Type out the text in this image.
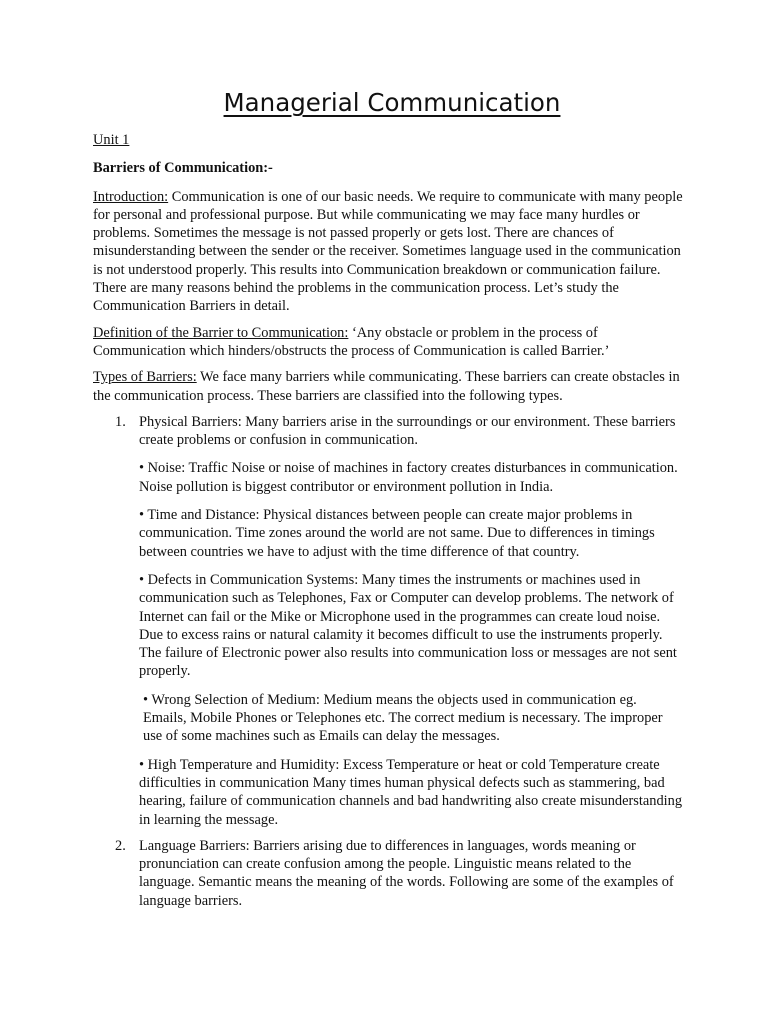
Managerial Communication

Unit 1

Barriers of Communication:-

Introduction: Communication is one of our basic needs. We require to communicate with many people for personal and professional purpose. But while communicating we may face many hurdles or problems. Sometimes the message is not passed properly or gets lost. There are chances of misunderstanding between the sender or the receiver. Sometimes language used in the communication is not understood properly. This results into Communication breakdown or communication failure. There are many reasons behind the problems in the communication process. Let’s study the Communication Barriers in detail.

Definition of the Barrier to Communication: ‘Any obstacle or problem in the process of Communication which hinders/obstructs the process of Communication is called Barrier.’

Types of Barriers: We face many barriers while communicating. These barriers can create obstacles in the communication process. These barriers are classified into the following types.

1. Physical Barriers: Many barriers arise in the surroundings or our environment. These barriers create problems or confusion in communication.

• Noise: Traffic Noise or noise of machines in factory creates disturbances in communication. Noise pollution is biggest contributor or environment pollution in India.

• Time and Distance: Physical distances between people can create major problems in communication. Time zones around the world are not same. Due to differences in timings between countries we have to adjust with the time difference of that country.

• Defects in Communication Systems: Many times the instruments or machines used in communication such as Telephones, Fax or Computer can develop problems. The network of Internet can fail or the Mike or Microphone used in the programmes can create loud noise. Due to excess rains or natural calamity it becomes difficult to use the instruments properly. The failure of Electronic power also results into communication loss or messages are not sent properly.

• Wrong Selection of Medium: Medium means the objects used in communication eg. Emails, Mobile Phones or Telephones etc. The correct medium is necessary. The improper use of some machines such as Emails can delay the messages.

• High Temperature and Humidity: Excess Temperature or heat or cold Temperature create difficulties in communication Many times human physical defects such as stammering, bad hearing, failure of communication channels and bad handwriting also create misunderstanding in learning the message.

2. Language Barriers: Barriers arising due to differences in languages, words meaning or pronunciation can create confusion among the people. Linguistic means related to the language. Semantic means the meaning of the words. Following are some of the examples of language barriers.
